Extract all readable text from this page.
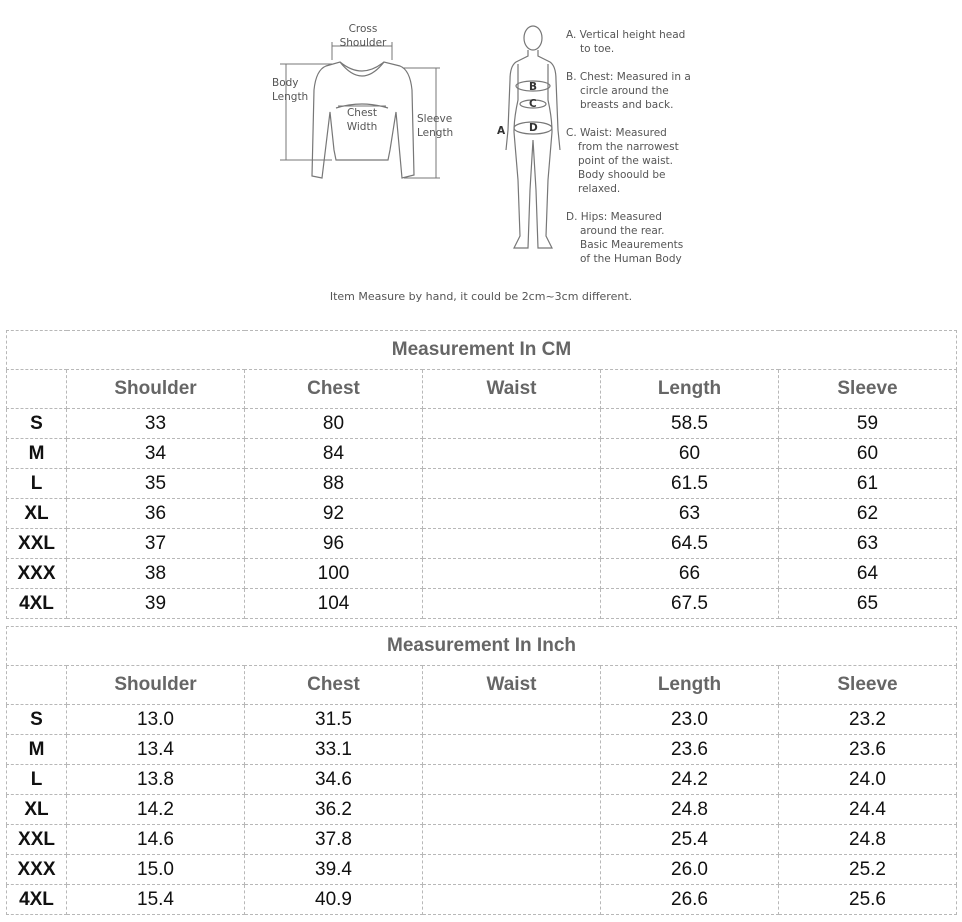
Cross
Shoulder
Body
Length
Chest
Width
Sleeve
Length	A
B
C
D
A. Vertical height head
to toe.
B. Chest: Measured in a
circle around the
breasts and back.
C. Waist: Measured
from the narrowest
point of the waist.
Body shoould be
relaxed.
D. Hips: Measured
around the rear.
Basic Meaurements
of the Human Body
Item Measure by hand, it could be 2cm~3cm different.
Measurement In CM					
	Shoulder	Chest	Waist	Length	Sleeve
S	33	80		58.5	59
M	34	84		60	60
L	35	88		61.5	61
XL	36	92		63	62
XXL	37	96		64.5	63
XXX	38	100		66	64
4XL	39	104		67.5	65
Measurement In Inch					
	Shoulder	Chest	Waist	Length	Sleeve
S	13.0	31.5		23.0	23.2
M	13.4	33.1		23.6	23.6
L	13.8	34.6		24.2	24.0
XL	14.2	36.2		24.8	24.4
XXL	14.6	37.8		25.4	24.8
XXX	15.0	39.4		26.0	25.2
4XL	15.4	40.9		26.6	25.6
